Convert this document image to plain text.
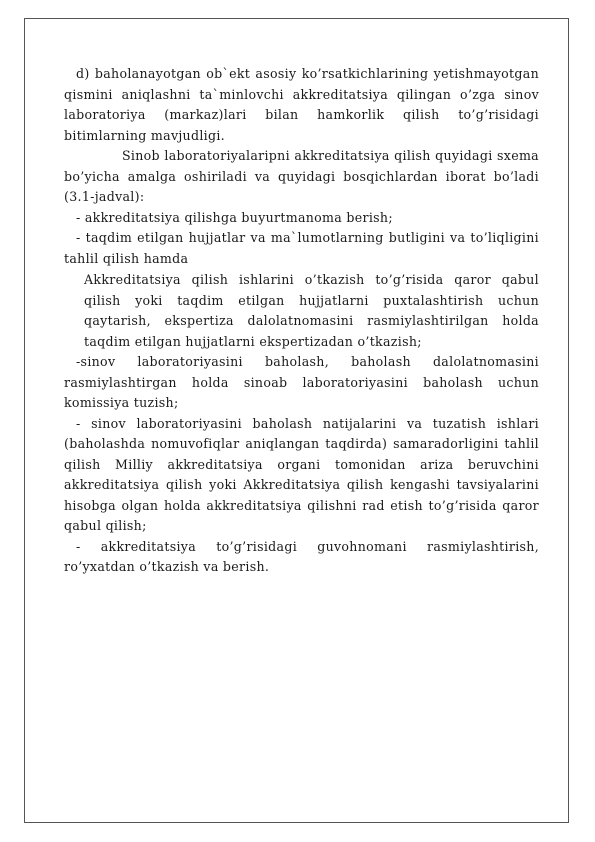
d) baholanayotgan ob`ekt asosiy ko’rsatkichlarining yetishmayotgan qismini aniqlashni ta`minlovchi akkreditatsiya qilingan o’zga sinov laboratoriya (markaz)lari bilan hamkorlik qilish to’g’risidagi bitimlarning mavjudligi.

Sinob laboratoriyalaripni akkreditatsiya qilish quyidagi sxema bo’yicha amalga oshiriladi va quyidagi bosqichlardan iborat bo’ladi (3.1-jadval):

- akkreditatsiya qilishga buyurtmanoma berish;

- taqdim etilgan hujjatlar va ma`lumotlarning butligini va to’liqligini tahlil qilish hamda

Akkreditatsiya qilish ishlarini o’tkazish to’g’risida qaror qabul qilish yoki taqdim etilgan hujjatlarni puxtalashtirish uchun qaytarish, ekspertiza dalolatnomasini rasmiylashtirilgan holda taqdim etilgan hujjatlarni ekspertizadan o’tkazish;

-sinov laboratoriyasini baholash, baholash dalolatnomasini rasmiylashtirgan holda sinoab laboratoriyasini baholash uchun komissiya tuzish;

- sinov laboratoriyasini baholash natijalarini va tuzatish ishlari (baholashda nomuvofiqlar aniqlangan taqdirda) samaradorligini tahlil qilish Milliy akkreditatsiya organi tomonidan ariza beruvchini akkreditatsiya qilish yoki Akkreditatsiya qilish kengashi tavsiyalarini hisobga olgan holda akkreditatsiya qilishni rad etish to’g’risida qaror qabul qilish;

- akkreditatsiya to’g’risidagi guvohnomani rasmiylashtirish, ro’yxatdan o’tkazish va berish.
